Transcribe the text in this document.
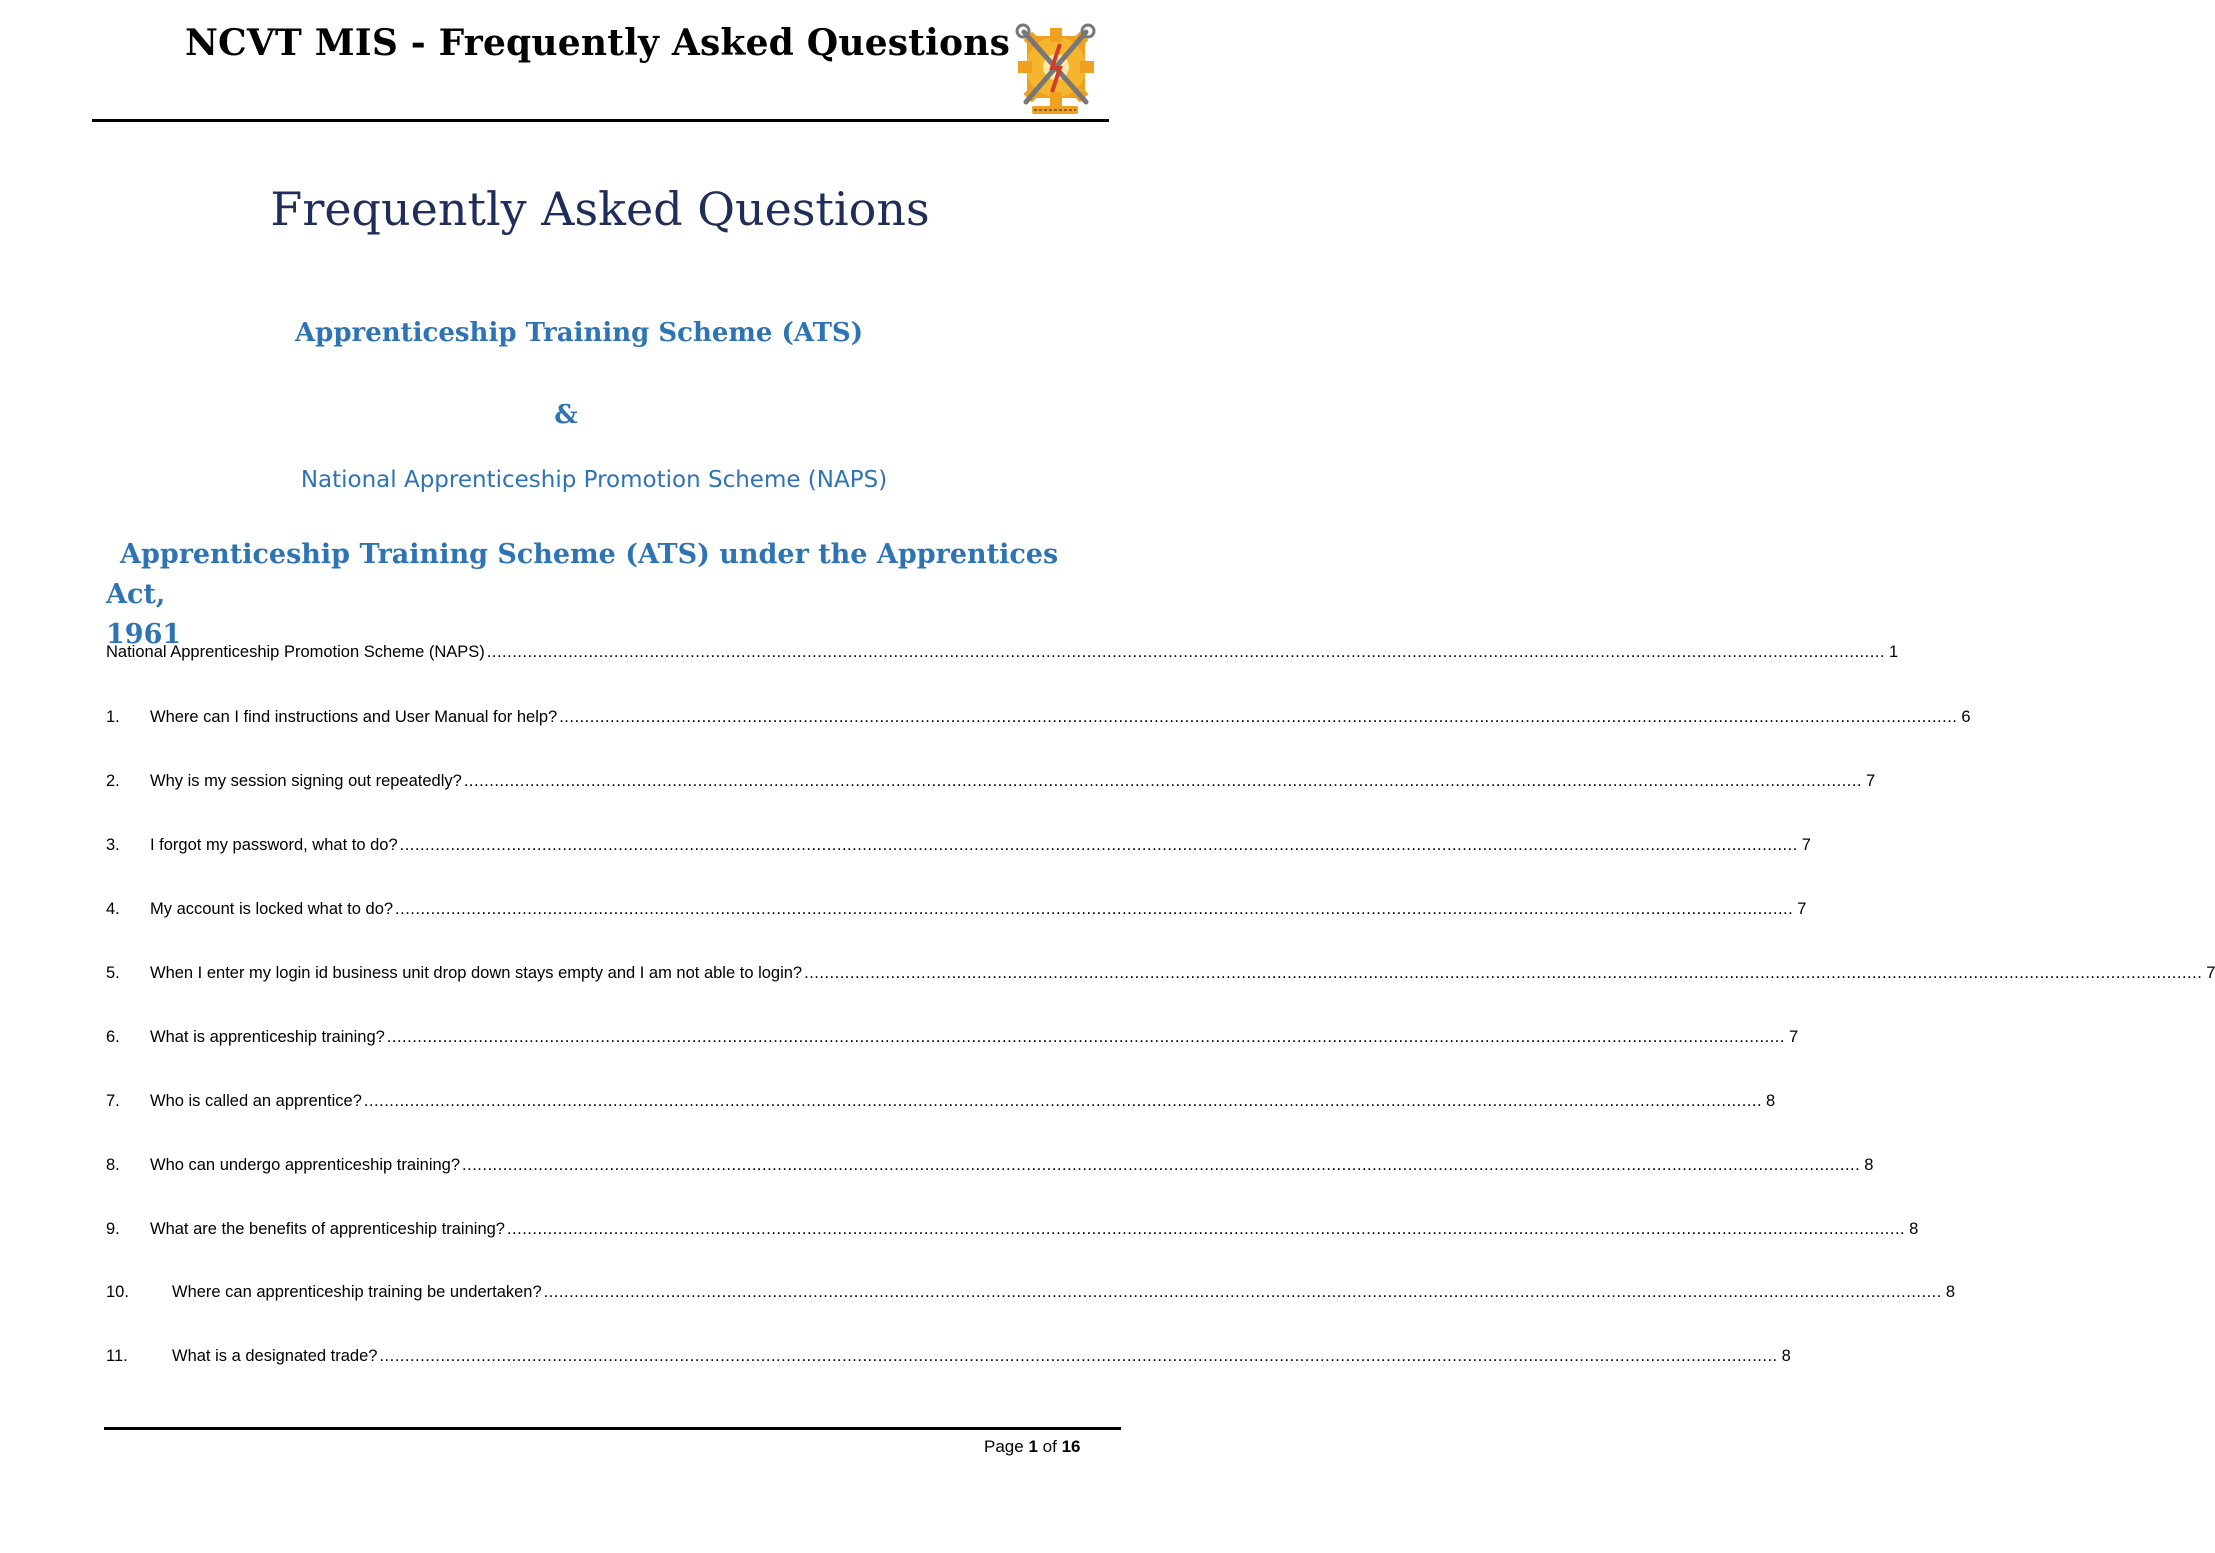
NCVT MIS - Frequently Asked Questions
Frequently Asked Questions
Apprenticeship Training Scheme (ATS)
&
National Apprenticeship Promotion Scheme (NAPS)
Apprenticeship Training Scheme (ATS) under the Apprentices Act,
1961
National Apprenticeship Promotion Scheme (NAPS) .....	1
1.	Where can I find instructions and User Manual for help? .....	6
2.	Why is my session signing out repeatedly? .....	7
3.	I forgot my password, what to do? .....	7
4.	My account is locked what to do? .....	7
5.	When I enter my login id business unit drop down stays empty and I am not able to login? .....	7
6.	What is apprenticeship training? .....	7
7.	Who is called an apprentice? .....	8
8.	Who can undergo apprenticeship training? .....	8
9.	What are the benefits of apprenticeship training? .....	8
10.	Where can apprenticeship training be undertaken? .....	8
11.	What is a designated trade? .....	8
Page 1 of 16
